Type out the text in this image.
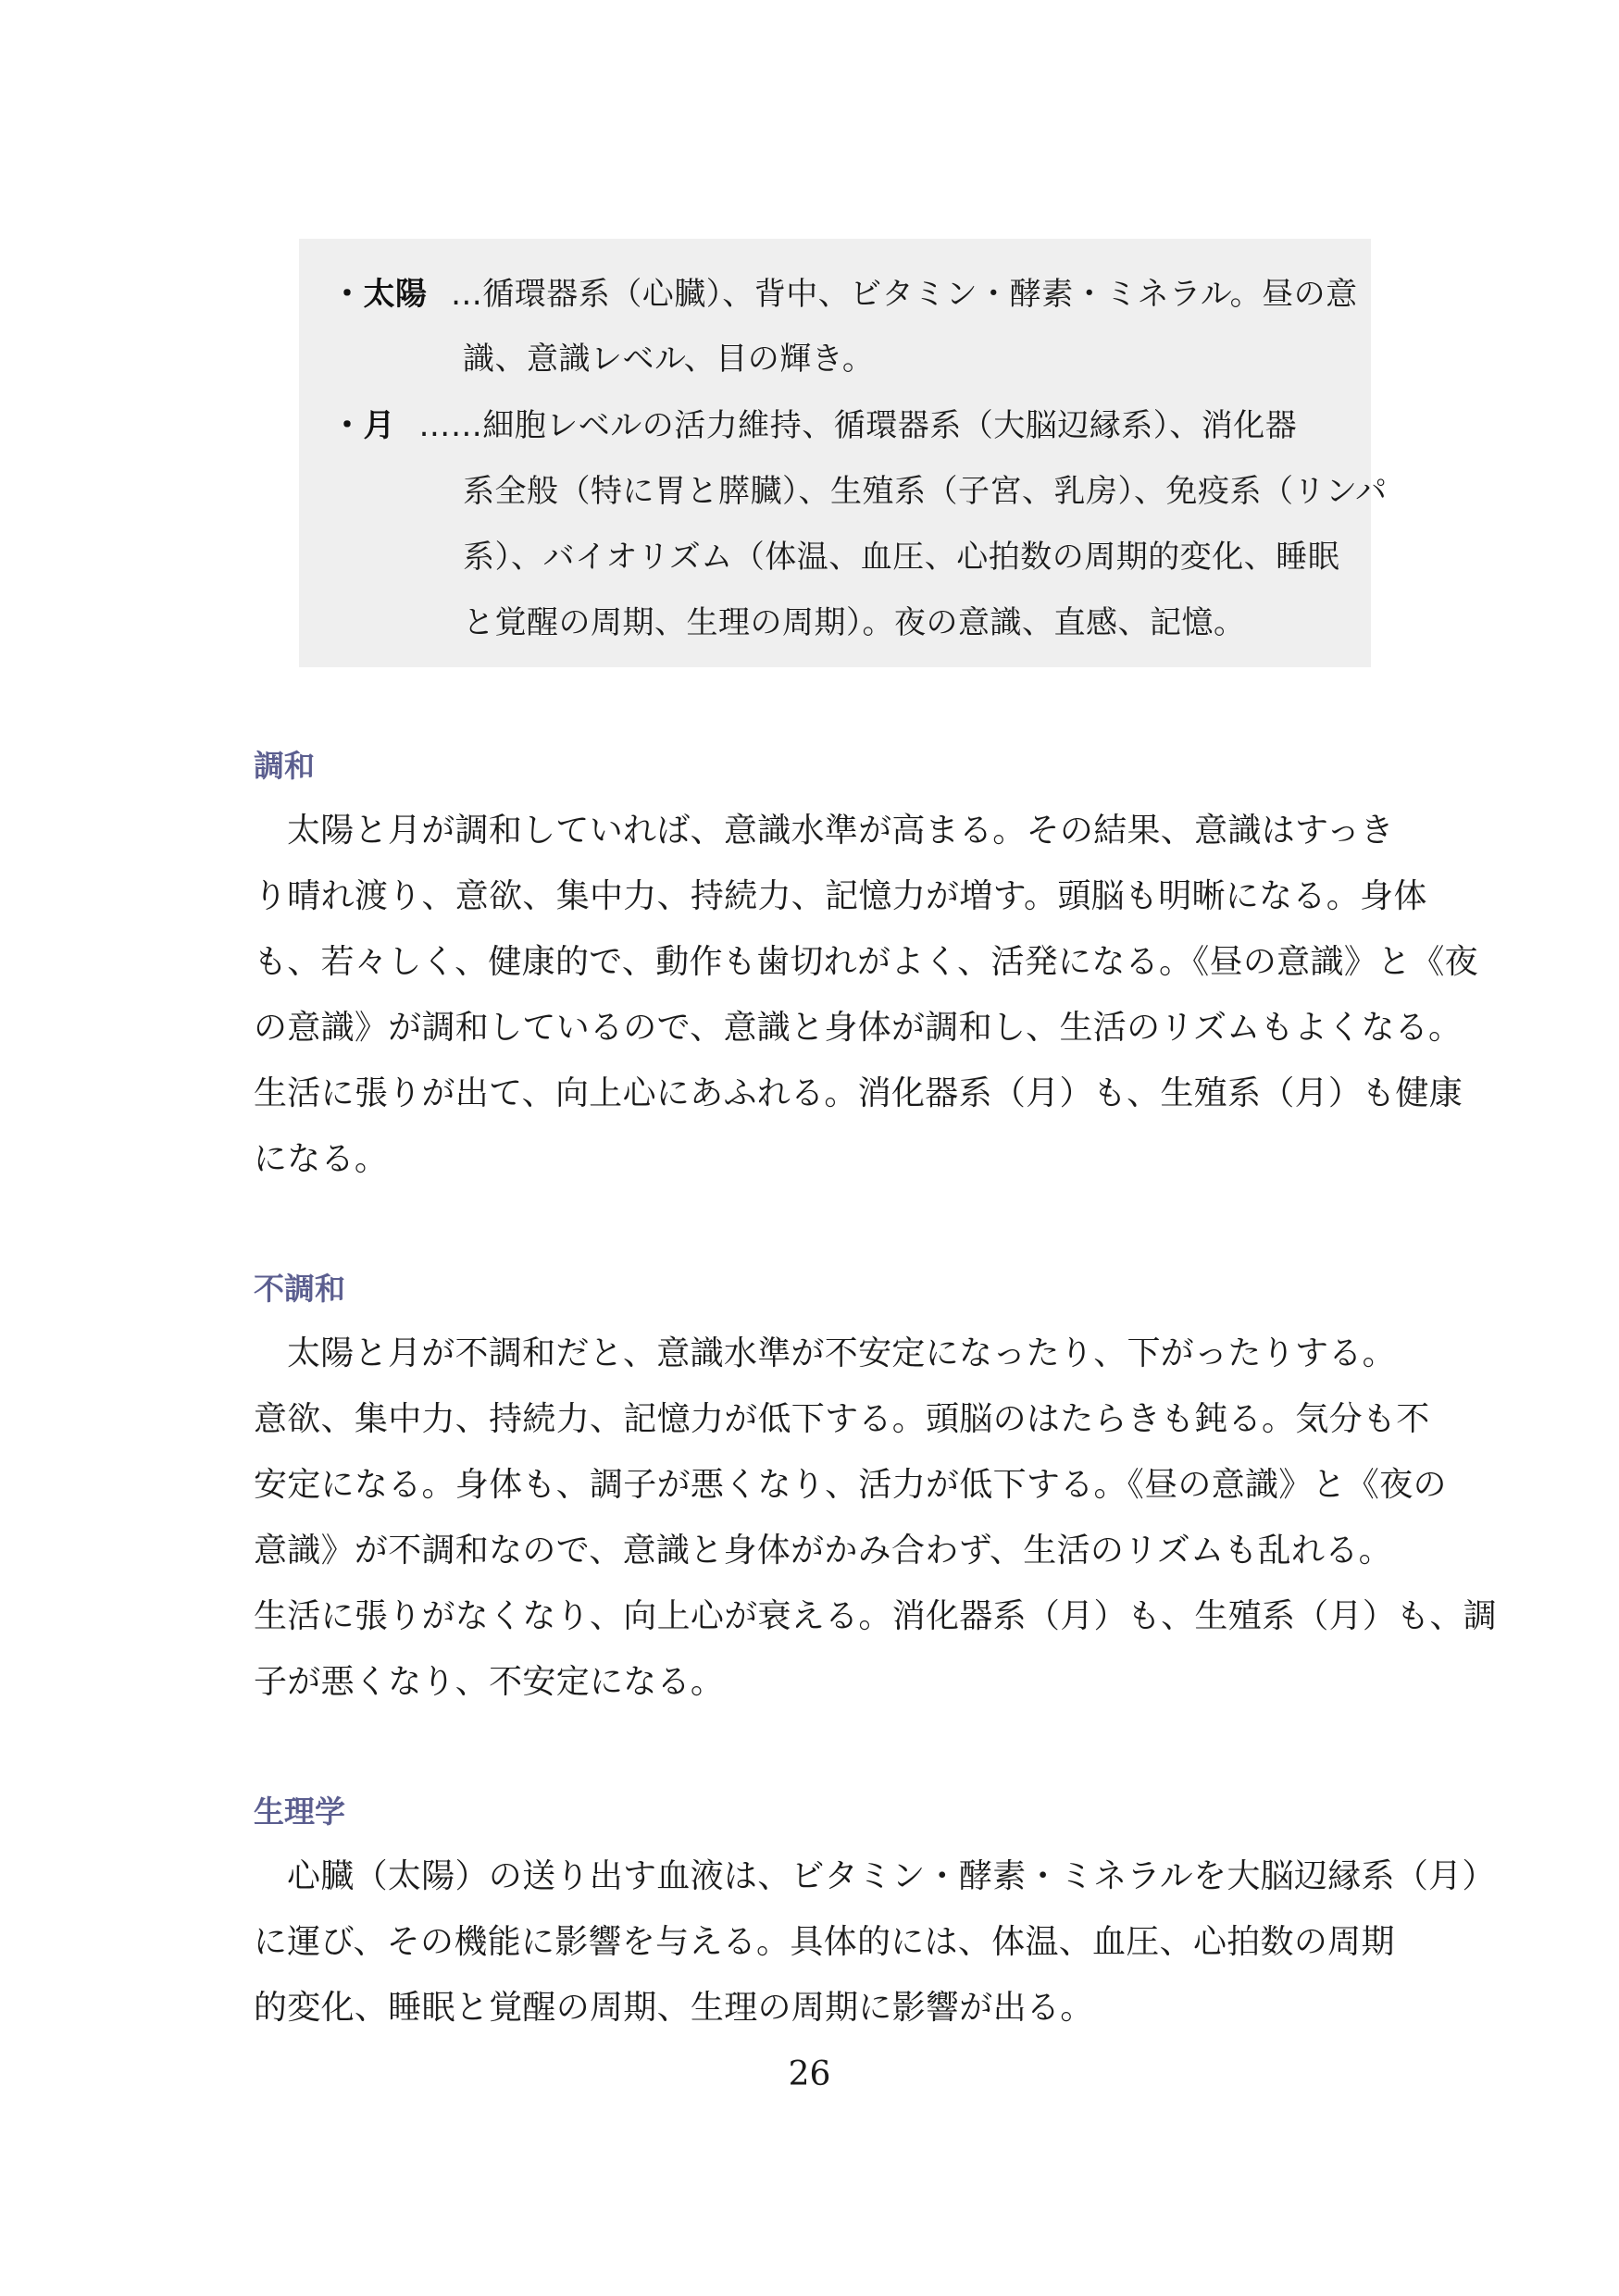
・太陽 …循環器系（心臓）、背中、ビタミン・酵素・ミネラル。昼の意
識、意識レベル、目の輝き。
・月 ……細胞レベルの活力維持、循環器系（大脳辺縁系）、消化器
系全般（特に胃と膵臓）、生殖系（子宮、乳房）、免疫系（リンパ
系）、バイオリズム（体温、血圧、心拍数の周期的変化、睡眠
と覚醒の周期、生理の周期）。夜の意識、直感、記憶。
調和
太陽と月が調和していれば、意識水準が高まる。その結果、意識はすっき
り晴れ渡り、意欲、集中力、持続力、記憶力が増す。頭脳も明晰になる。身体
も、若々しく、健康的で、動作も歯切れがよく、活発になる。《昼の意識》と《夜
の意識》が調和しているので、意識と身体が調和し、生活のリズムもよくなる。
生活に張りが出て、向上心にあふれる。消化器系（月）も、生殖系（月）も健康
になる。
不調和
太陽と月が不調和だと、意識水準が不安定になったり、下がったりする。
意欲、集中力、持続力、記憶力が低下する。頭脳のはたらきも鈍る。気分も不
安定になる。身体も、調子が悪くなり、活力が低下する。《昼の意識》と《夜の
意識》が不調和なので、意識と身体がかみ合わず、生活のリズムも乱れる。
生活に張りがなくなり、向上心が衰える。消化器系（月）も、生殖系（月）も、調
子が悪くなり、不安定になる。
生理学
心臓（太陽）の送り出す血液は、ビタミン・酵素・ミネラルを大脳辺縁系（月）
に運び、その機能に影響を与える。具体的には、体温、血圧、心拍数の周期
的変化、睡眠と覚醒の周期、生理の周期に影響が出る。
26
